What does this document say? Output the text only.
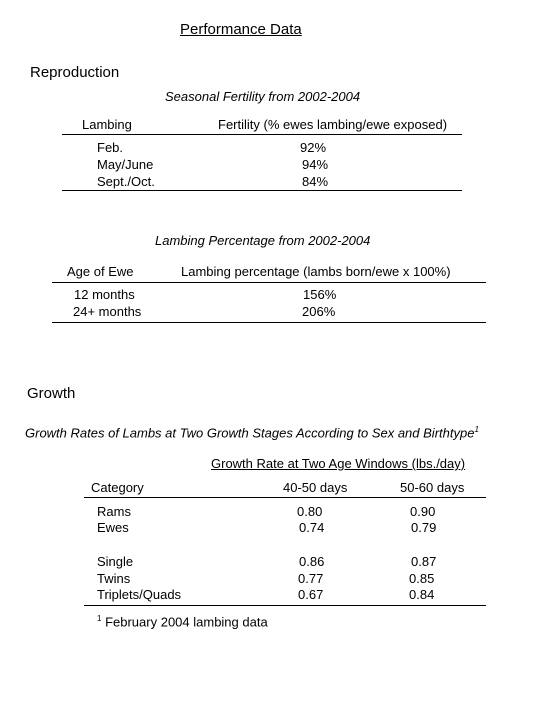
Performance Data
Reproduction
Seasonal Fertility from 2002-2004
Lambing	Fertility (% ewes lambing/ewe exposed)
Feb.	92%
May/June	94%
Sept./Oct.	84%
Lambing Percentage from 2002-2004
Age of Ewe	Lambing percentage (lambs born/ewe x 100%)
12 months	156%
24+ months	206%
Growth
Growth Rates of Lambs at Two Growth Stages According to Sex and Birthtype$^1$
Growth Rate at Two Age Windows (lbs./day)
Category	40-50 days	50-60 days
Rams	0.80	0.90
Ewes	0.74	0.79
Single	0.86	0.87
Twins	0.77	0.85
Triplets/Quads	0.67	0.84
$^1$ February 2004 lambing data
